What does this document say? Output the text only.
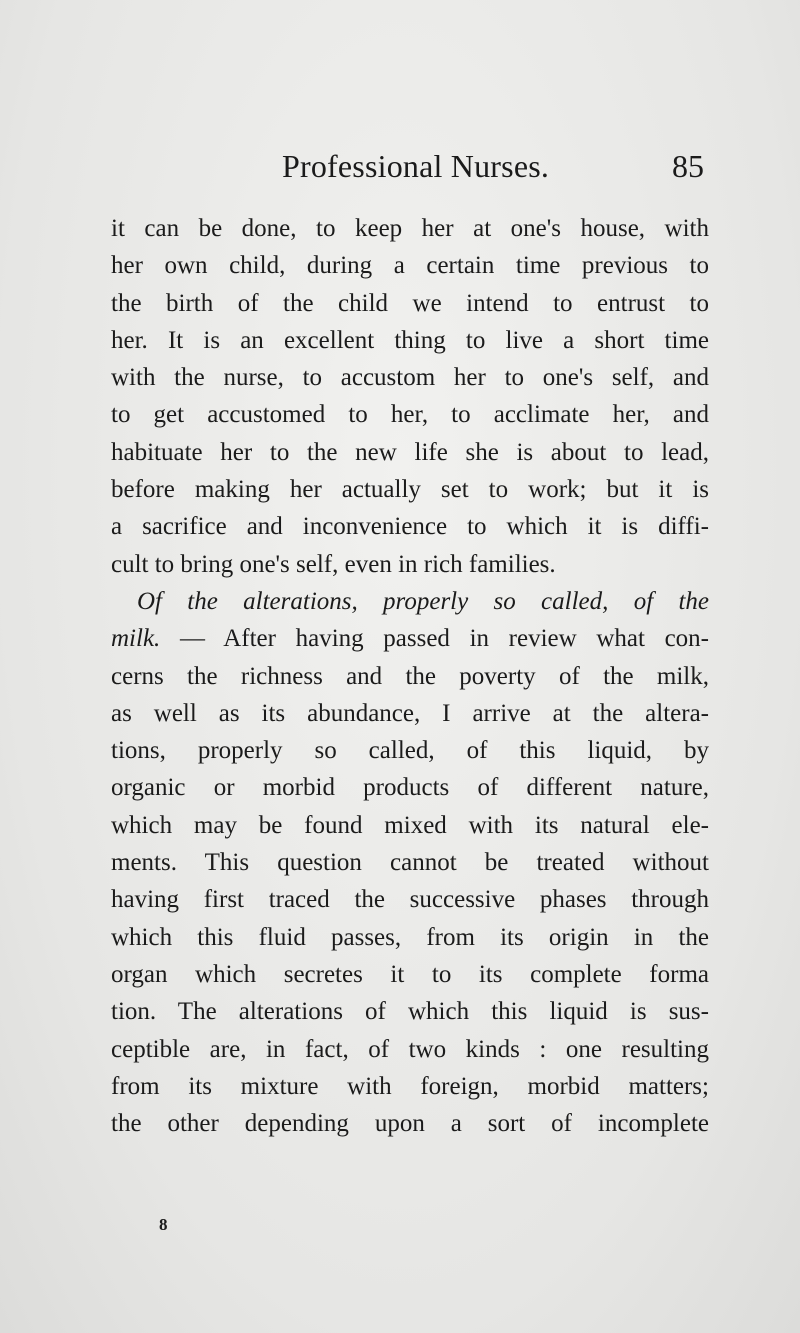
Professional Nurses.	85
it can be done, to keep her at one's house, with
her own child, during a certain time previous to
the birth of the child we intend to entrust to
her. It is an excellent thing to live a short time
with the nurse, to accustom her to one's self, and
to get accustomed to her, to acclimate her, and
habituate her to the new life she is about to lead,
before making her actually set to work; but it is
a sacrifice and inconvenience to which it is diffi-
cult to bring one's self, even in rich families.
Of the alterations, properly so called, of the
milk. — After having passed in review what con-
cerns the richness and the poverty of the milk,
as well as its abundance, I arrive at the altera-
tions, properly so called, of this liquid, by
organic or morbid products of different nature,
which may be found mixed with its natural ele-
ments. This question cannot be treated without
having first traced the successive phases through
which this fluid passes, from its origin in the
organ which secretes it to its complete forma
tion. The alterations of which this liquid is sus-
ceptible are, in fact, of two kinds : one resulting
from its mixture with foreign, morbid matters;
the other depending upon a sort of incomplete
8
